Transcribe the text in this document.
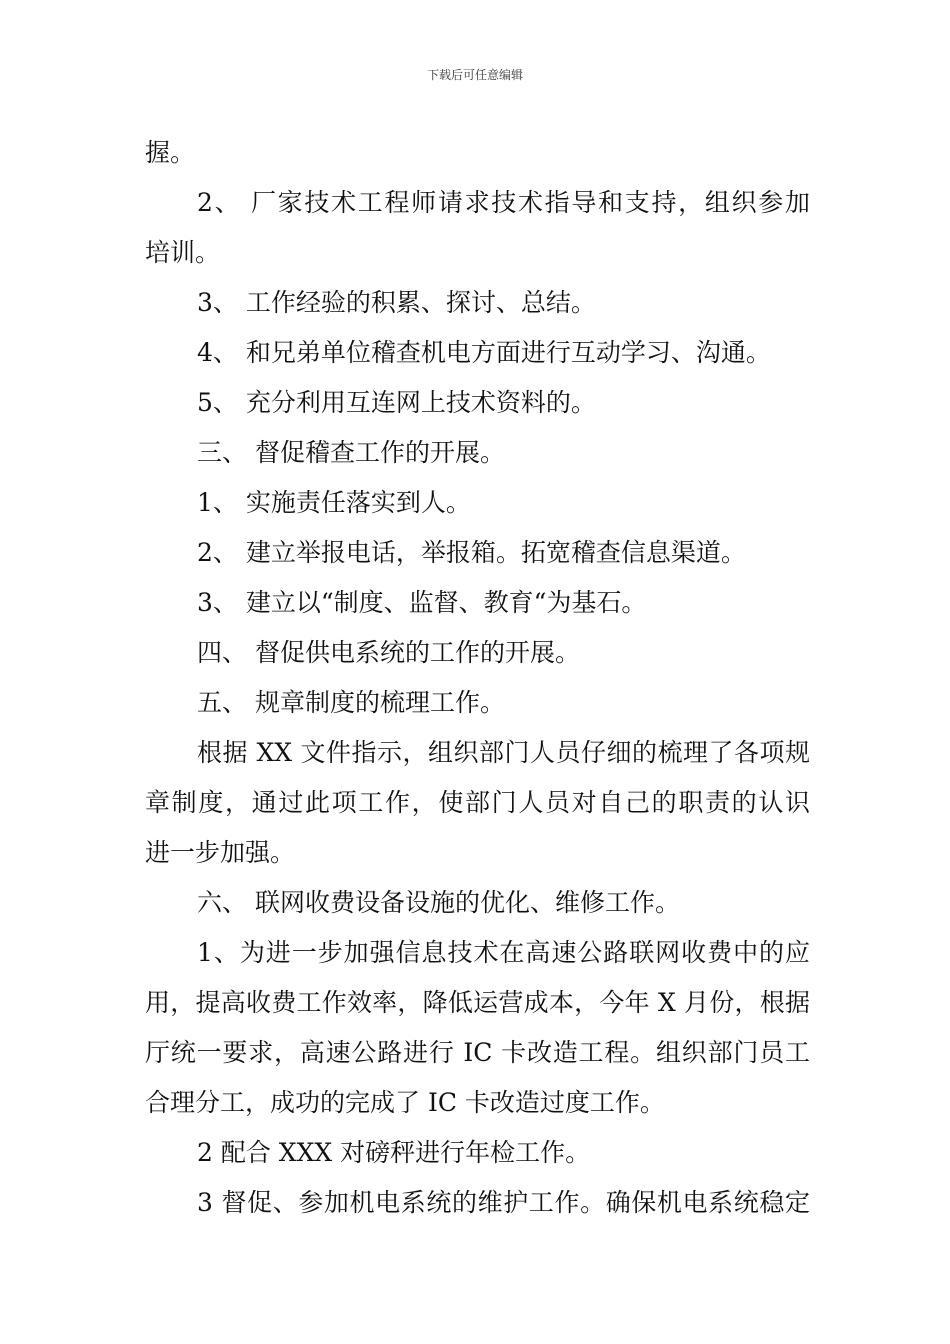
下载后可任意编辑
握。
2、 厂家技术工程师请求技术指导和支持，组织参加
培训。
3、 工作经验的积累、探讨、总结。
4、 和兄弟单位稽查机电方面进行互动学习、沟通。
5、 充分利用互连网上技术资料的。
三、 督促稽查工作的开展。
1、 实施责任落实到人。
2、 建立举报电话，举报箱。拓宽稽查信息渠道。
3、 建立以“制度、监督、教育“为基石。
四、 督促供电系统的工作的开展。
五、 规章制度的梳理工作。
根据 XX 文件指示，组织部门人员仔细的梳理了各项规
章制度，通过此项工作，使部门人员对自己的职责的认识
进一步加强。
六、 联网收费设备设施的优化、维修工作。
1、为进一步加强信息技术在高速公路联网收费中的应
用，提高收费工作效率，降低运营成本，今年 X 月份，根据
厅统一要求，高速公路进行 IC 卡改造工程。组织部门员工
合理分工，成功的完成了 IC 卡改造过度工作。
2 配合 XXX 对磅秤进行年检工作。
3 督促、参加机电系统的维护工作。确保机电系统稳定
